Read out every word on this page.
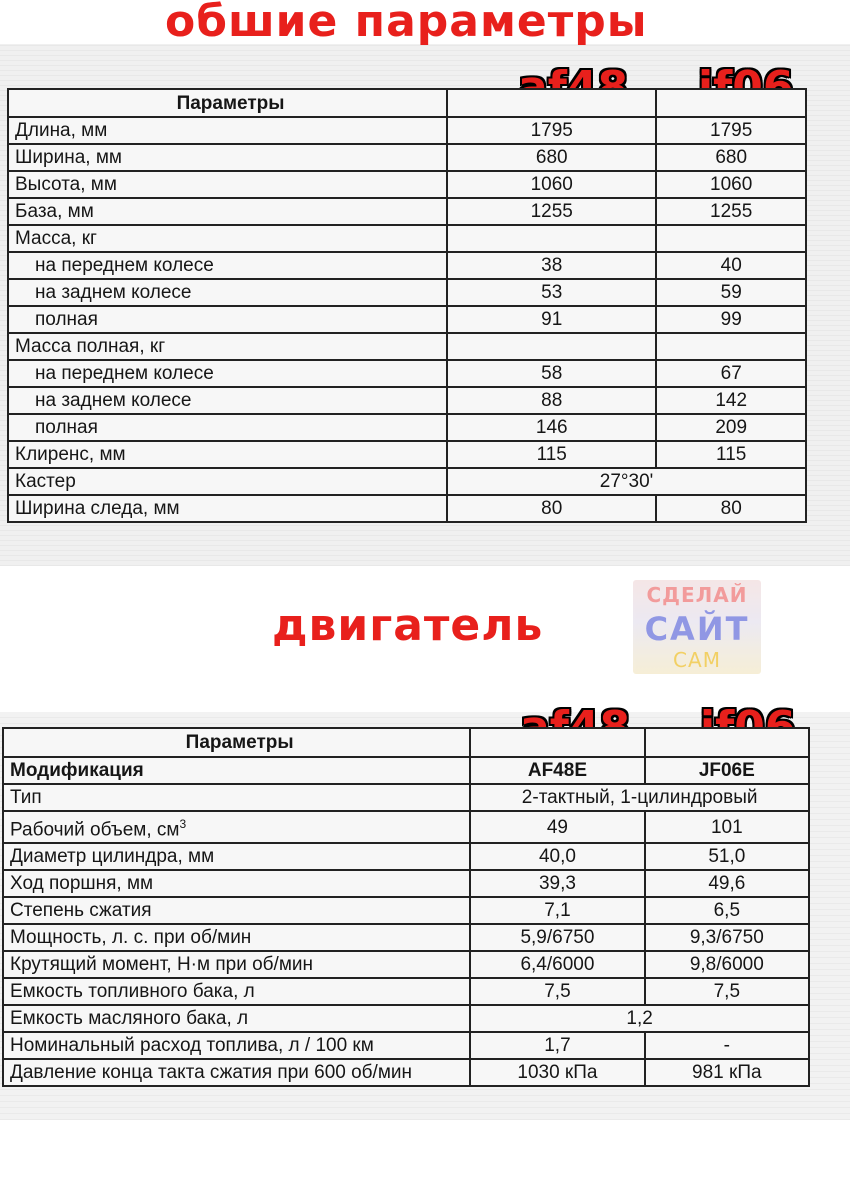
обшие параметры
Параметры		
Длина, мм	1795	1795
Ширина, мм	680	680
Высота, мм	1060	1060
База, мм	1255	1255
Масса, кг		
на переднем колесе	38	40
на заднем колесе	53	59
полная	91	99
Масса полная, кг		
на переднем колесе	58	67
на заднем колесе	88	142
полная	146	209
Клиренс, мм	115	115
Кастер	27°30'	
Ширина следа, мм	80	80
двигатель
СДЕЛАЙ
САЙТ
САМ
Параметры		
Модификация	AF48E	JF06E
Тип	2-тактный, 1-цилиндровый	
Рабочий объем, $см^3$	49	101
Диаметр цилиндра, мм	40,0	51,0
Ход поршня, мм	39,3	49,6
Степень сжатия	7,1	6,5
Мощность, л. с. при об/мин	5,9/6750	9,3/6750
Крутящий момент, Н·м при об/мин	6,4/6000	9,8/6000
Емкость топливного бака, л	7,5	7,5
Емкость масляного бака, л	1,2	
Номинальный расход топлива, л / 100 км	1,7	-
Давление конца такта сжатия при 600 об/мин	1030 кПа	981 кПа
